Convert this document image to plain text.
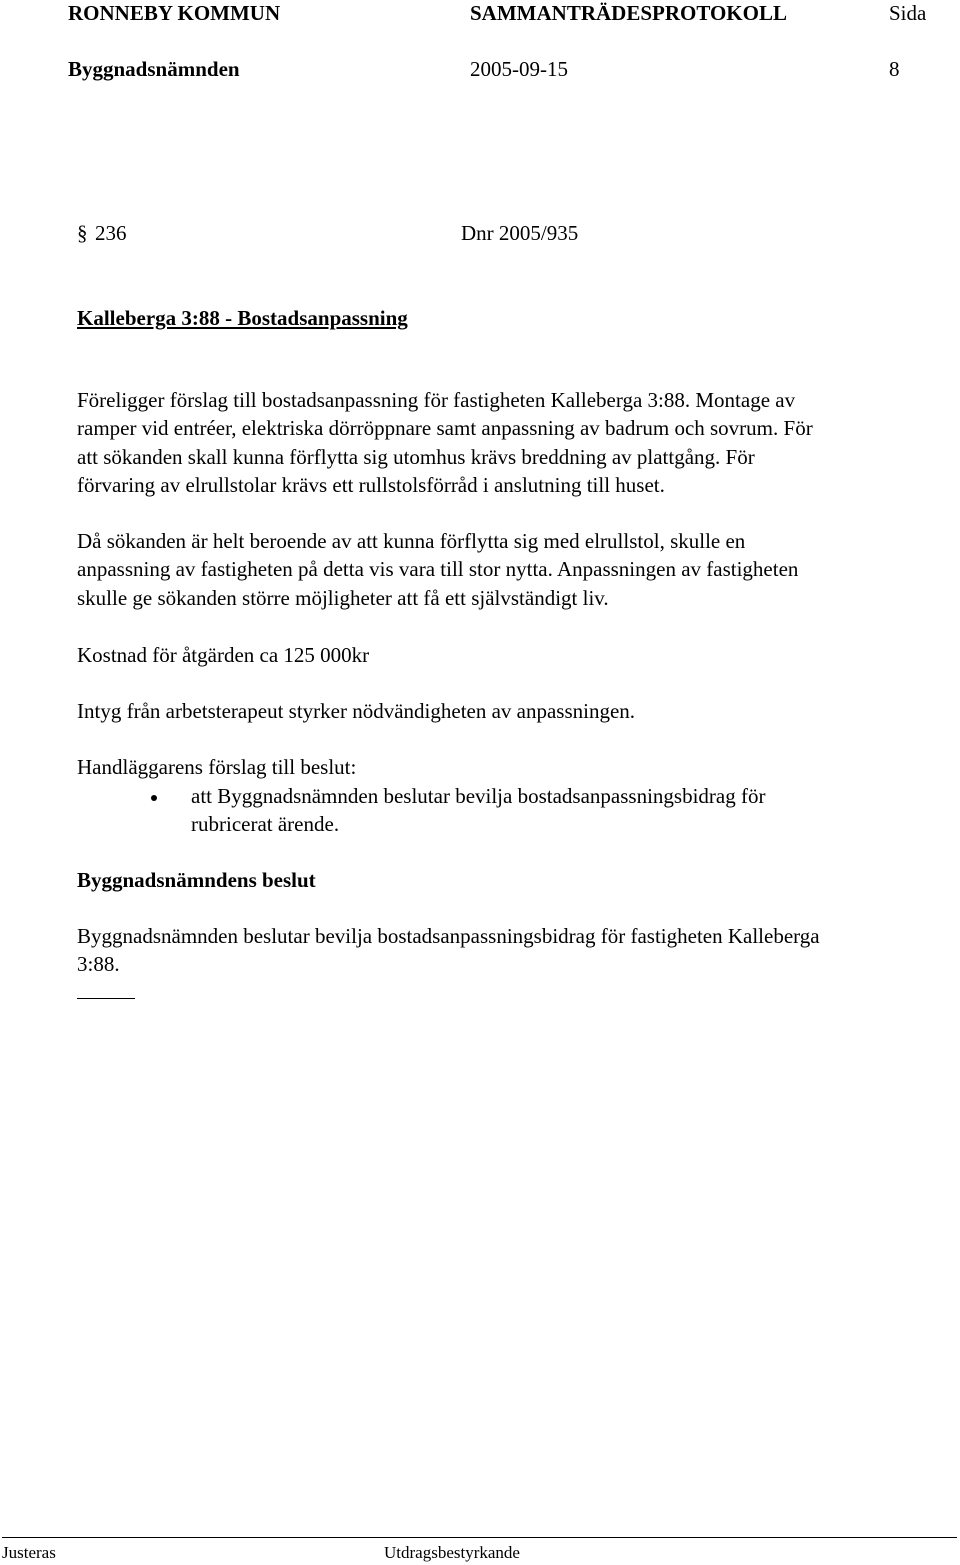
RONNEBY KOMMUN	SAMMANTRÄDESPROTOKOLL	Sida
Byggnadsnämnden	2005-09-15	8
§ 236	Dnr 2005/935
Kalleberga 3:88 - Bostadsanpassning
Föreligger förslag till bostadsanpassning för fastigheten Kalleberga 3:88. Montage av
ramper vid entréer, elektriska dörröppnare samt anpassning av badrum och sovrum. För
att sökanden skall kunna förflytta sig utomhus krävs breddning av plattgång. För
förvaring av elrullstolar krävs ett rullstolsförråd i anslutning till huset.
Då sökanden är helt beroende av att kunna förflytta sig med elrullstol, skulle en
anpassning av fastigheten på detta vis vara till stor nytta. Anpassningen av fastigheten
skulle ge sökanden större möjligheter att få ett självständigt liv.
Kostnad för åtgärden ca 125 000kr
Intyg från arbetsterapeut styrker nödvändigheten av anpassningen.
Handläggarens förslag till beslut:
att Byggnadsnämnden beslutar bevilja bostadsanpassningsbidrag för
rubricerat ärende.
Byggnadsnämndens beslut
Byggnadsnämnden beslutar bevilja bostadsanpassningsbidrag för fastigheten Kalleberga
3:88.
Justeras	Utdragsbestyrkande
